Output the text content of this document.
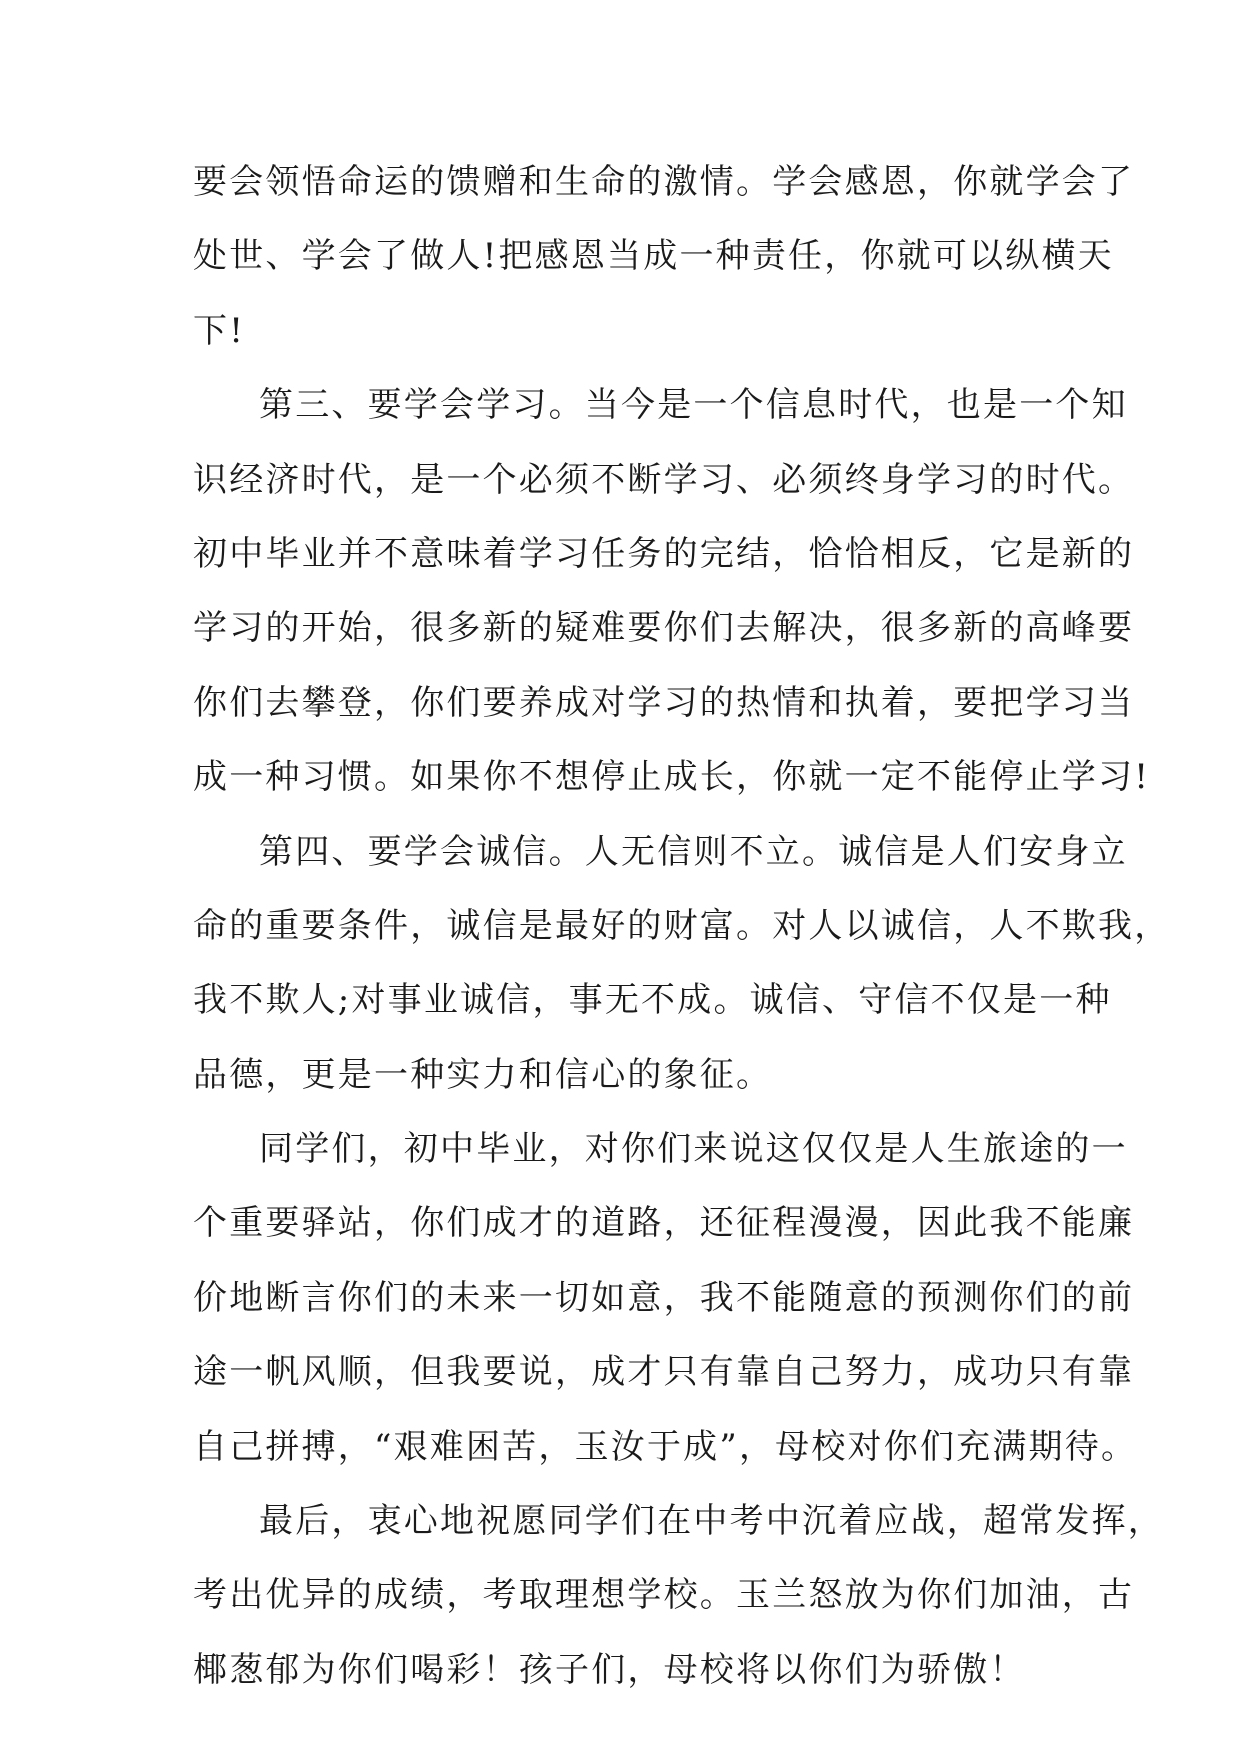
要会领悟命运的馈赠和生命的激情。学会感恩，你就学会了
处世、学会了做人!把感恩当成一种责任，你就可以纵横天
下!
第三、要学会学习。当今是一个信息时代，也是一个知
识经济时代，是一个必须不断学习、必须终身学习的时代。
初中毕业并不意味着学习任务的完结，恰恰相反，它是新的
学习的开始，很多新的疑难要你们去解决，很多新的高峰要
你们去攀登，你们要养成对学习的热情和执着，要把学习当
成一种习惯。如果你不想停止成长，你就一定不能停止学习!
第四、要学会诚信。人无信则不立。诚信是人们安身立
命的重要条件，诚信是最好的财富。对人以诚信，人不欺我，
我不欺人;对事业诚信，事无不成。诚信、守信不仅是一种
品德，更是一种实力和信心的象征。
同学们，初中毕业，对你们来说这仅仅是人生旅途的一
个重要驿站，你们成才的道路，还征程漫漫，因此我不能廉
价地断言你们的未来一切如意，我不能随意的预测你们的前
途一帆风顺，但我要说，成才只有靠自己努力，成功只有靠
自己拼搏，“艰难困苦，玉汝于成”，母校对你们充满期待。
最后，衷心地祝愿同学们在中考中沉着应战，超常发挥，
考出优异的成绩，考取理想学校。玉兰怒放为你们加油，古
椰葱郁为你们喝彩！孩子们，母校将以你们为骄傲！
